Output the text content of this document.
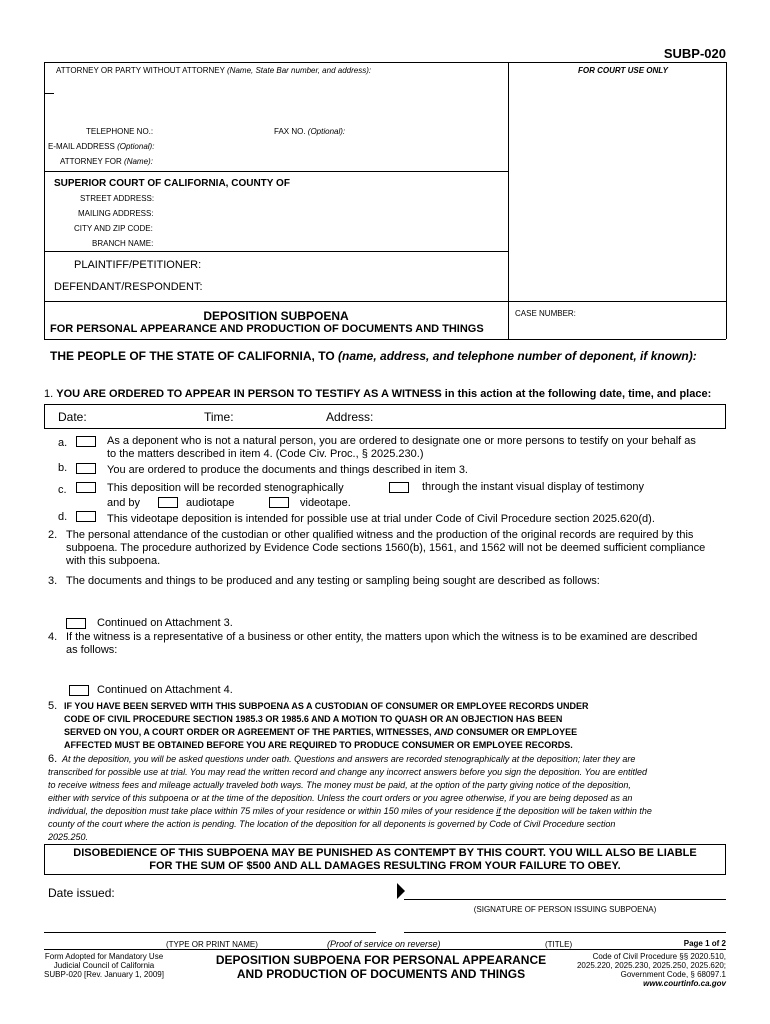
SUBP-020
ATTORNEY OR PARTY WITHOUT ATTORNEY (Name, State Bar number, and address):	FOR COURT USE ONLY
TELEPHONE NO.:	FAX NO. (Optional):
E-MAIL ADDRESS (Optional):
ATTORNEY FOR (Name):
SUPERIOR COURT OF CALIFORNIA, COUNTY OF
STREET ADDRESS:
MAILING ADDRESS:
CITY AND ZIP CODE:
BRANCH NAME:
PLAINTIFF/PETITIONER:
DEFENDANT/RESPONDENT:
DEPOSITION SUBPOENA
FOR PERSONAL APPEARANCE AND PRODUCTION OF DOCUMENTS AND THINGS
CASE NUMBER:
THE PEOPLE OF THE STATE OF CALIFORNIA, TO (name, address, and telephone number of deponent, if known):
1. YOU ARE ORDERED TO APPEAR IN PERSON TO TESTIFY AS A WITNESS in this action at the following date, time, and place:
Date:	Time:	Address:
a.	As a deponent who is not a natural person, you are ordered to designate one or more persons to testify on your behalf as
to the matters described in item 4. (Code Civ. Proc., § 2025.230.)
b.	You are ordered to produce the documents and things described in item 3.
c.	This deposition will be recorded stenographically	through the instant visual display of testimony
and by	audiotape	videotape.
d.	This videotape deposition is intended for possible use at trial under Code of Civil Procedure section 2025.620(d).
2. The personal attendance of the custodian or other qualified witness and the production of the original records are required by this
subpoena. The procedure authorized by Evidence Code sections 1560(b), 1561, and 1562 will not be deemed sufficient compliance
with this subpoena.
3. The documents and things to be produced and any testing or sampling being sought are described as follows:
Continued on Attachment 3.
4. If the witness is a representative of a business or other entity, the matters upon which the witness is to be examined are described
as follows:
Continued on Attachment 4.
5. IF YOU HAVE BEEN SERVED WITH THIS SUBPOENA AS A CUSTODIAN OF CONSUMER OR EMPLOYEE RECORDS UNDER
CODE OF CIVIL PROCEDURE SECTION 1985.3 OR 1985.6 AND A MOTION TO QUASH OR AN OBJECTION HAS BEEN
SERVED ON YOU, A COURT ORDER OR AGREEMENT OF THE PARTIES, WITNESSES, AND CONSUMER OR EMPLOYEE
AFFECTED MUST BE OBTAINED BEFORE YOU ARE REQUIRED TO PRODUCE CONSUMER OR EMPLOYEE RECORDS.
6. At the deposition, you will be asked questions under oath. Questions and answers are recorded stenographically at the deposition; later they are
transcribed for possible use at trial. You may read the written record and change any incorrect answers before you sign the deposition. You are entitled
to receive witness fees and mileage actually traveled both ways. The money must be paid, at the option of the party giving notice of the deposition,
either with service of this subpoena or at the time of the deposition. Unless the court orders or you agree otherwise, if you are being deposed as an
individual, the deposition must take place within 75 miles of your residence or within 150 miles of your residence if the deposition will be taken within the
county of the court where the action is pending. The location of the deposition for all deponents is governed by Code of Civil Procedure section
2025.250.
DISOBEDIENCE OF THIS SUBPOENA MAY BE PUNISHED AS CONTEMPT BY THIS COURT. YOU WILL ALSO BE LIABLE
FOR THE SUM OF $500 AND ALL DAMAGES RESULTING FROM YOUR FAILURE TO OBEY.
Date issued:
(SIGNATURE OF PERSON ISSUING SUBPOENA)
(TYPE OR PRINT NAME)	(Proof of service on reverse)	(TITLE)	Page 1 of 2
Form Adopted for Mandatory Use
Judicial Council of California
SUBP-020 [Rev. January 1, 2009]
DEPOSITION SUBPOENA FOR PERSONAL APPEARANCE
AND PRODUCTION OF DOCUMENTS AND THINGS
Code of Civil Procedure §§ 2020.510,
2025.220, 2025.230, 2025.250, 2025.620;
Government Code, § 68097.1
www.courtinfo.ca.gov
